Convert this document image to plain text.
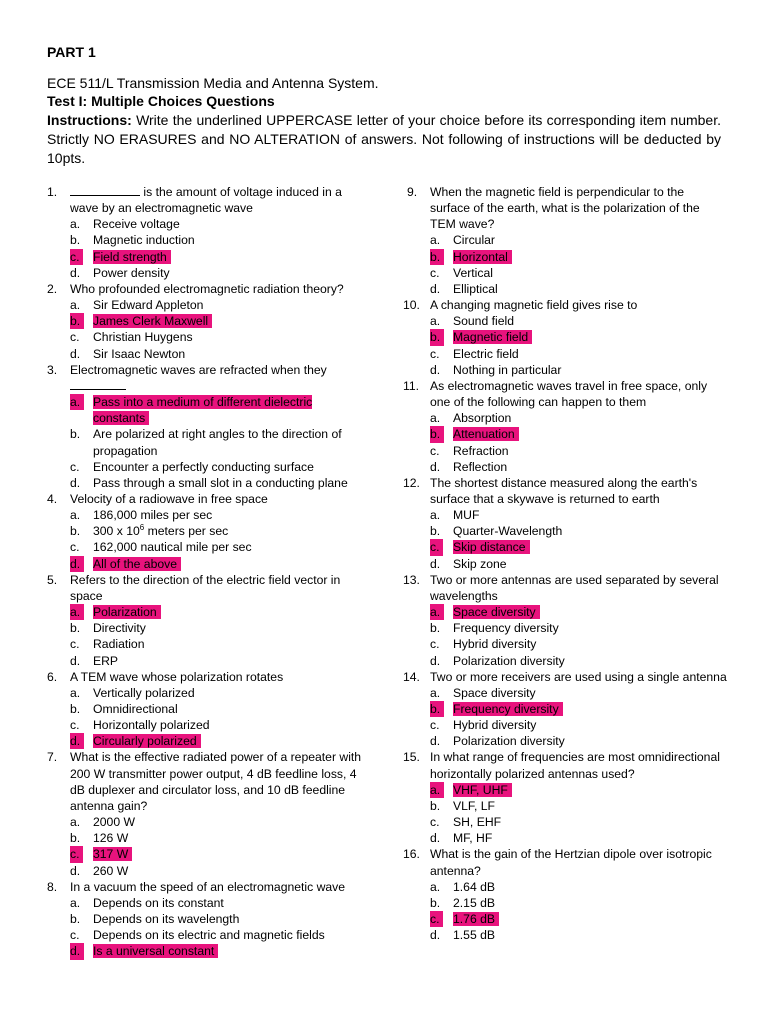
PART 1
ECE 511/L Transmission Media and Antenna System.
Test I: Multiple Choices Questions
Instructions: Write the underlined UPPERCASE letter of your choice before its corresponding item number. Strictly NO ERASURES and NO ALTERATION of answers. Not following of instructions will be deducted by 10pts.
1.	is the amount of voltage induced in a wave by an electromagnetic wave
a. Receive voltage
b. Magnetic induction
c.	Field strength
d. Power density
2. Who profounded electromagnetic radiation theory?
a. Sir Edward Appleton
b.	James Clerk Maxwell
c. Christian Huygens
d. Sir Isaac Newton
3. Electromagnetic waves are refracted when they

a.	Pass into a medium of different dielectric constants
b. Are polarized at right angles to the direction of propagation
c. Encounter a perfectly conducting surface
d. Pass through a small slot in a conducting plane
4. Velocity of a radiowave in free space
a. 186,000 miles per sec
b. 300 x $10^6$ meters per sec
c. 162,000 nautical mile per sec
d.	All of the above
5. Refers to the direction of the electric field vector in space
a.	Polarization
b. Directivity
c. Radiation
d. ERP
6. A TEM wave whose polarization rotates
a. Vertically polarized
b. Omnidirectional
c. Horizontally polarized
d.	Circularly polarized
7. What is the effective radiated power of a repeater with 200 W transmitter power output, 4 dB feedline loss, 4 dB duplexer and circulator loss, and 10 dB feedline antenna gain?
a. 2000 W
b. 126 W
c.	317 W
d. 260 W
8. In a vacuum the speed of an electromagnetic wave
a. Depends on its constant
b. Depends on its wavelength
c. Depends on its electric and magnetic fields
d.	Is a universal constant
9. When the magnetic field is perpendicular to the surface of the earth, what is the polarization of the TEM wave?
a. Circular
b.	Horizontal
c. Vertical
d. Elliptical
10. A changing magnetic field gives rise to
a. Sound field
b.	Magnetic field
c. Electric field
d. Nothing in particular
11. As electromagnetic waves travel in free space, only one of the following can happen to them
a. Absorption
b.	Attenuation
c. Refraction
d. Reflection
12. The shortest distance measured along the earth's surface that a skywave is returned to earth
a. MUF
b. Quarter-Wavelength
c.	Skip distance
d. Skip zone
13. Two or more antennas are used separated by several wavelengths
a.	Space diversity
b. Frequency diversity
c. Hybrid diversity
d. Polarization diversity
14. Two or more receivers are used using a single antenna
a. Space diversity
b.	Frequency diversity
c. Hybrid diversity
d. Polarization diversity
15. In what range of frequencies are most omnidirectional horizontally polarized antennas used?
a.	VHF, UHF
b. VLF, LF
c. SH, EHF
d. MF, HF
16. What is the gain of the Hertzian dipole over isotropic antenna?
a. 1.64 dB
b. 2.15 dB
c.	1.76 dB
d. 1.55 dB
